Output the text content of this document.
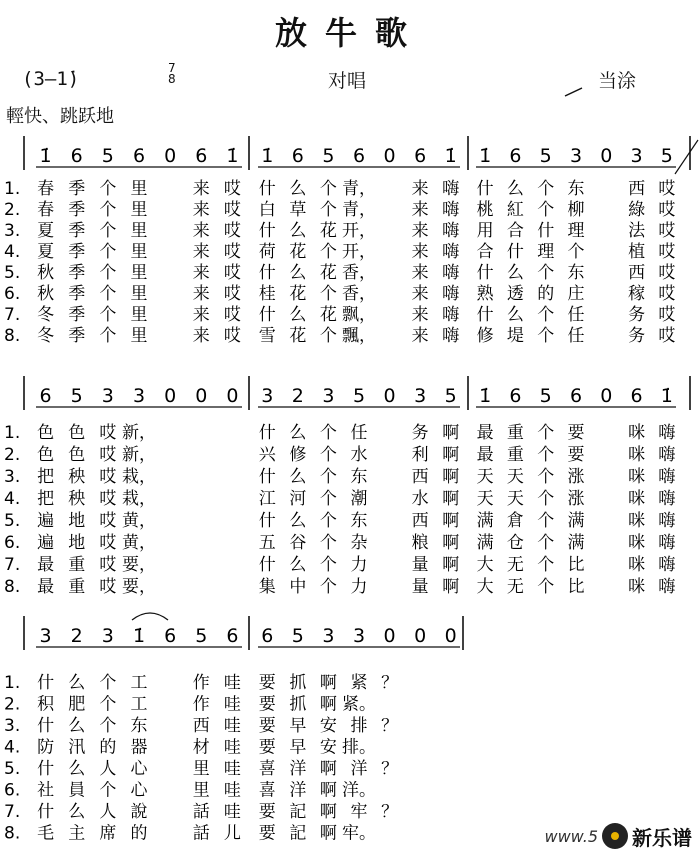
放牛歌
(3—1̇)	7
8	对唱	当涂
輕快、跳跃地
1̇ 6 5 6 0 6 1̇ 1̇ 6 5 6 0 6 1̇ 1̇ 6 5 3 0 3 5
1. 春 季 个 里	来 哎 什 么 个 青， 来 嗨 什 么 个 东	西 哎
2. 春 季 个 里	来 哎 白 草 个 青， 来 嗨 桃 紅 个 柳	綠 哎
3. 夏 季 个 里	来 哎 什 么 花 开， 来 嗨 用 合 什 理	法 哎
4. 夏 季 个 里	来 哎 荷 花 个 开， 来 嗨 合 什 理 个	植 哎
5. 秋 季 个 里	来 哎 什 么 花 香， 来 嗨 什 么 个 东	西 哎
6. 秋 季 个 里	来 哎 桂 花 个 香， 来 嗨 熟 透 的 庄	稼 哎
7. 冬 季 个 里	来 哎 什 么 花 飘， 来 嗨 什 么 个 任	务 哎
8. 冬 季 个 里	来 哎 雪 花 个 飄， 来 嗨 修 堤 个 任	务 哎
6 5 3 3 0 0 0 3 2 3 5 0 3 5 1̇ 6 5 6 0 6 1̇
1. 色 色 哎 新，	什 么 个 任	务 啊 最 重 个 要	咪 嗨
2. 色 色 哎 新，	兴 修 个 水	利 啊 最 重 个 要	咪 嗨
3. 把 秧 哎 栽，	什 么 个 东	西 啊 天 天 个 涨	咪 嗨
4. 把 秧 哎 栽，	江 河 个 潮	水 啊 天 天 个 涨	咪 嗨
5. 遍 地 哎 黄，	什 么 个 东	西 啊 满 倉 个 满	咪 嗨
6. 遍 地 哎 黄，	五 谷 个 杂	粮 啊 满 仓 个 满	咪 嗨
7. 最 重 哎 要，	什 么 个 力	量 啊 大 无 个 比	咪 嗨
8. 最 重 哎 要，	集 中 个 力	量 啊 大 无 个 比	咪 嗨
3 2 3 1̇ 6 5 6 6 5 3 3 0 0 0
1. 什 么 个 工	作 哇 要 抓 啊 紧 ？
2. 积 肥 个 工	作 哇 要 抓 啊 紧。
3. 什 么 个 东	西 哇 要 早 安 排 ？
4. 防 汛 的 器	材 哇 要 早 安 排。
5. 什 么 人 心	里 哇 喜 洋 啊 洋 ？
6. 社 員 个 心	里 哇 喜 洋 啊 洋。
7. 什 么 人 說	話 哇 要 記 啊 牢 ？
8. 毛 主 席 的	話 儿 要 記 啊 牢。	www.5 新乐谱
